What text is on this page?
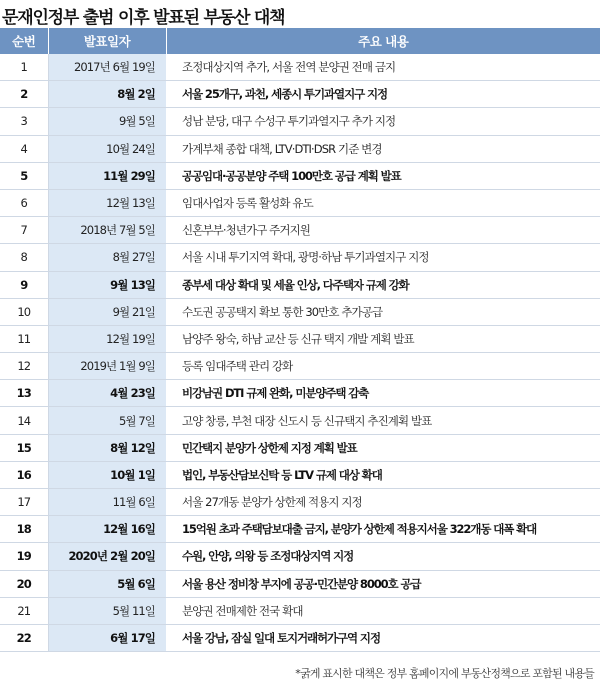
문재인정부 출범 이후 발표된 부동산 대책
순번	발표일자	주요 내용
1	2017년 6월 19일	조정대상지역 추가, 서울 전역 분양권 전매 금지
2	8월 2일	서울 25개구, 과천, 세종시 투기과열지구 지정
3	9월 5일	성남 분당, 대구 수성구 투기과열지구 추가 지정
4	10월 24일	가계부채 종합 대책, LTV·DTI·DSR 기준 변경
5	11월 29일	공공임대·공공분양 주택 100만호 공급 계획 발표
6	12월 13일	임대사업자 등록 활성화 유도
7	2018년 7월 5일	신혼부부·청년가구 주거지원
8	8월 27일	서울 시내 투기지역 확대, 광명·하남 투기과열지구 지정
9	9월 13일	종부세 대상 확대 및 세율 인상, 다주택자 규제 강화
10	9월 21일	수도권 공공택지 확보 통한 30만호 추가공급
11	12월 19일	남양주 왕숙, 하남 교산 등 신규 택지 개발 계획 발표
12	2019년 1월 9일	등록 임대주택 관리 강화
13	4월 23일	비강남권 DTI 규제 완화, 미분양주택 감축
14	5월 7일	고양 창릉, 부천 대장 신도시 등 신규택지 추진계획 발표
15	8월 12일	민간택지 분양가 상한제 지정 계획 발표
16	10월 1일	법인, 부동산담보신탁 등 LTV 규제 대상 확대
17	11월 6일	서울 27개동 분양가 상한제 적용지 지정
18	12월 16일	15억원 초과 주택담보대출 금지, 분양가 상한제 적용지서울 322개동 대폭 확대
19	2020년 2월 20일	수원, 안양, 의왕 등 조정대상지역 지정
20	5월 6일	서울 용산 정비창 부지에 공공·민간분양 8000호 공급
21	5월 11일	분양권 전매제한 전국 확대
22	6월 17일	서울 강남, 잠실 일대 토지거래허가구역 지정
*굵게 표시한 대책은 정부 홈페이지에 부동산정책으로 포함된 내용들
